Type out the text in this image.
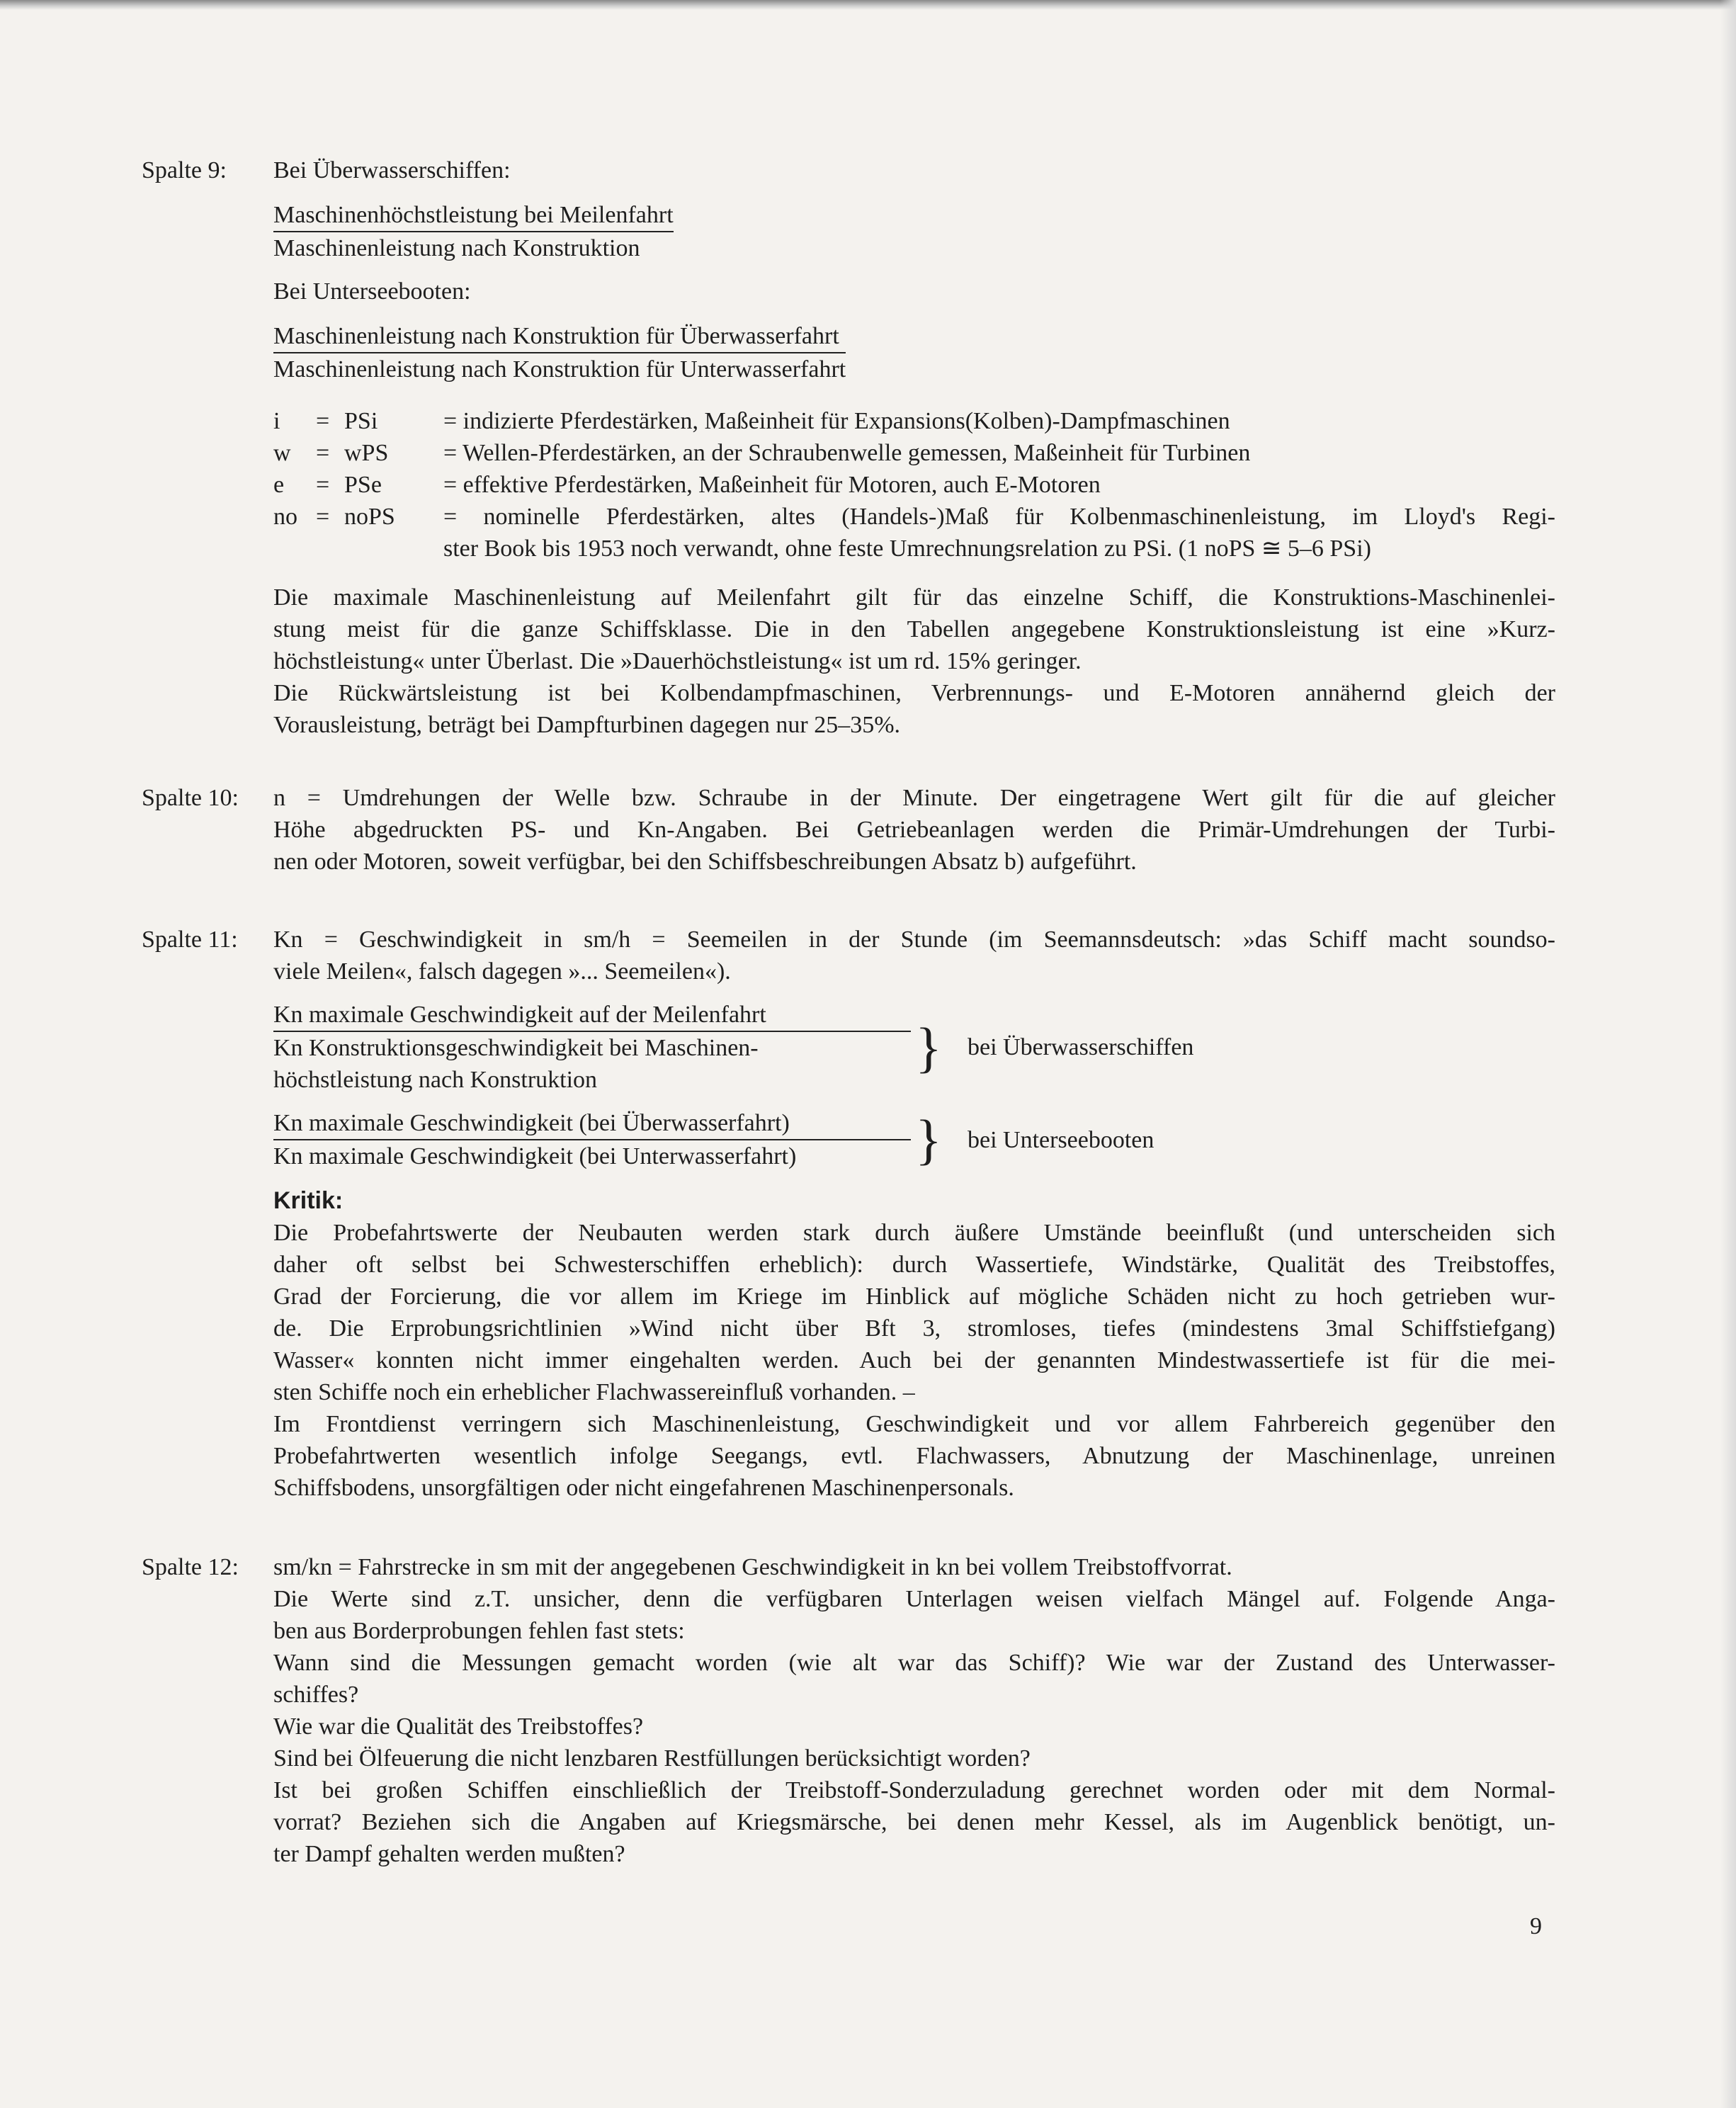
Spalte 9: Bei Überwasserschiffen:

$\frac{\text{Maschinenhöchstleistung bei Meilenfahrt}}{\text{Maschinenleistung nach Konstruktion}}$

Bei Unterseebooten:

$\frac{\text{Maschinenleistung nach Konstruktion für Überwasserfahrt}}{\text{Maschinenleistung nach Konstruktion für Unterwasserfahrt}}$
i	= PSi	= indizierte Pferdestärken, Maßeinheit für Expansions(Kolben)-Dampfmaschinen
w	= wPS	= Wellen-Pferdestärken, an der Schraubenwelle gemessen, Maßeinheit für Turbinen
e	= PSe	= effektive Pferdestärken, Maßeinheit für Motoren, auch E-Motoren
no = noPS	= nominelle Pferdestärken, altes (Handels-)Maß für Kolbenmaschinenleistung, im Lloyd's Regi-
ster Book bis 1953 noch verwandt, ohne feste Umrechnungsrelation zu PSi. (1 noPS ≅ 5–6 PSi)
Die maximale Maschinenleistung auf Meilenfahrt gilt für das einzelne Schiff, die Konstruktions-Maschinenlei-
stung meist für die ganze Schiffsklasse. Die in den Tabellen angegebene Konstruktionsleistung ist eine »Kurz-
höchstleistung« unter Überlast. Die »Dauerhöchstleistung« ist um rd. 15% geringer.
Die Rückwärtsleistung ist bei Kolbendampfmaschinen, Verbrennungs- und E-Motoren annähernd gleich der
Vorausleistung, beträgt bei Dampfturbinen dagegen nur 25–35%.
Spalte 10: n = Umdrehungen der Welle bzw. Schraube in der Minute. Der eingetragene Wert gilt für die auf gleicher
Höhe abgedruckten PS- und Kn-Angaben. Bei Getriebeanlagen werden die Primär-Umdrehungen der Turbi-
nen oder Motoren, soweit verfügbar, bei den Schiffsbeschreibungen Absatz b) aufgeführt.
Spalte 11: Kn = Geschwindigkeit in sm/h = Seemeilen in der Stunde (im Seemannsdeutsch: »das Schiff macht soundso-
viele Meilen«, falsch dagegen »... Seemeilen«).
Kn maximale Geschwindigkeit auf der Meilenfahrt
Kn Konstruktionsgeschwindigkeit bei Maschinen-
höchstleistung nach Konstruktion
} bei Überwasserschiffen
$\frac{\text{Kn maximale Geschwindigkeit (bei Überwasserfahrt)}}{\text{Kn maximale Geschwindigkeit (bei Unterwasserfahrt)}}$ } bei Unterseebooten

Kritik:

Die Probefahrtswerte der Neubauten werden stark durch äußere Umstände beeinflußt (und unterscheiden sich
daher oft selbst bei Schwesterschiffen erheblich): durch Wassertiefe, Windstärke, Qualität des Treibstoffes,
Grad der Forcierung, die vor allem im Kriege im Hinblick auf mögliche Schäden nicht zu hoch getrieben wur-
de. Die Erprobungsrichtlinien »Wind nicht über Bft 3, stromloses, tiefes (mindestens 3mal Schiffstiefgang)
Wasser« konnten nicht immer eingehalten werden. Auch bei der genannten Mindestwassertiefe ist für die mei-
sten Schiffe noch ein erheblicher Flachwassereinfluß vorhanden. –
Im Frontdienst verringern sich Maschinenleistung, Geschwindigkeit und vor allem Fahrbereich gegenüber den
Probefahrtwerten wesentlich infolge Seegangs, evtl. Flachwassers, Abnutzung der Maschinenlage, unreinen
Schiffsbodens, unsorgfältigen oder nicht eingefahrenen Maschinenpersonals.
Spalte 12: sm/kn = Fahrstrecke in sm mit der angegebenen Geschwindigkeit in kn bei vollem Treibstoffvorrat.
Die Werte sind z.T. unsicher, denn die verfügbaren Unterlagen weisen vielfach Mängel auf. Folgende Anga-
ben aus Borderprobungen fehlen fast stets:
Wann sind die Messungen gemacht worden (wie alt war das Schiff)? Wie war der Zustand des Unterwasser-
schiffes?
Wie war die Qualität des Treibstoffes?
Sind bei Ölfeuerung die nicht lenzbaren Restfüllungen berücksichtigt worden?
Ist bei großen Schiffen einschließlich der Treibstoff-Sonderzuladung gerechnet worden oder mit dem Normal-
vorrat? Beziehen sich die Angaben auf Kriegsmärsche, bei denen mehr Kessel, als im Augenblick benötigt, un-
ter Dampf gehalten werden mußten?
9
